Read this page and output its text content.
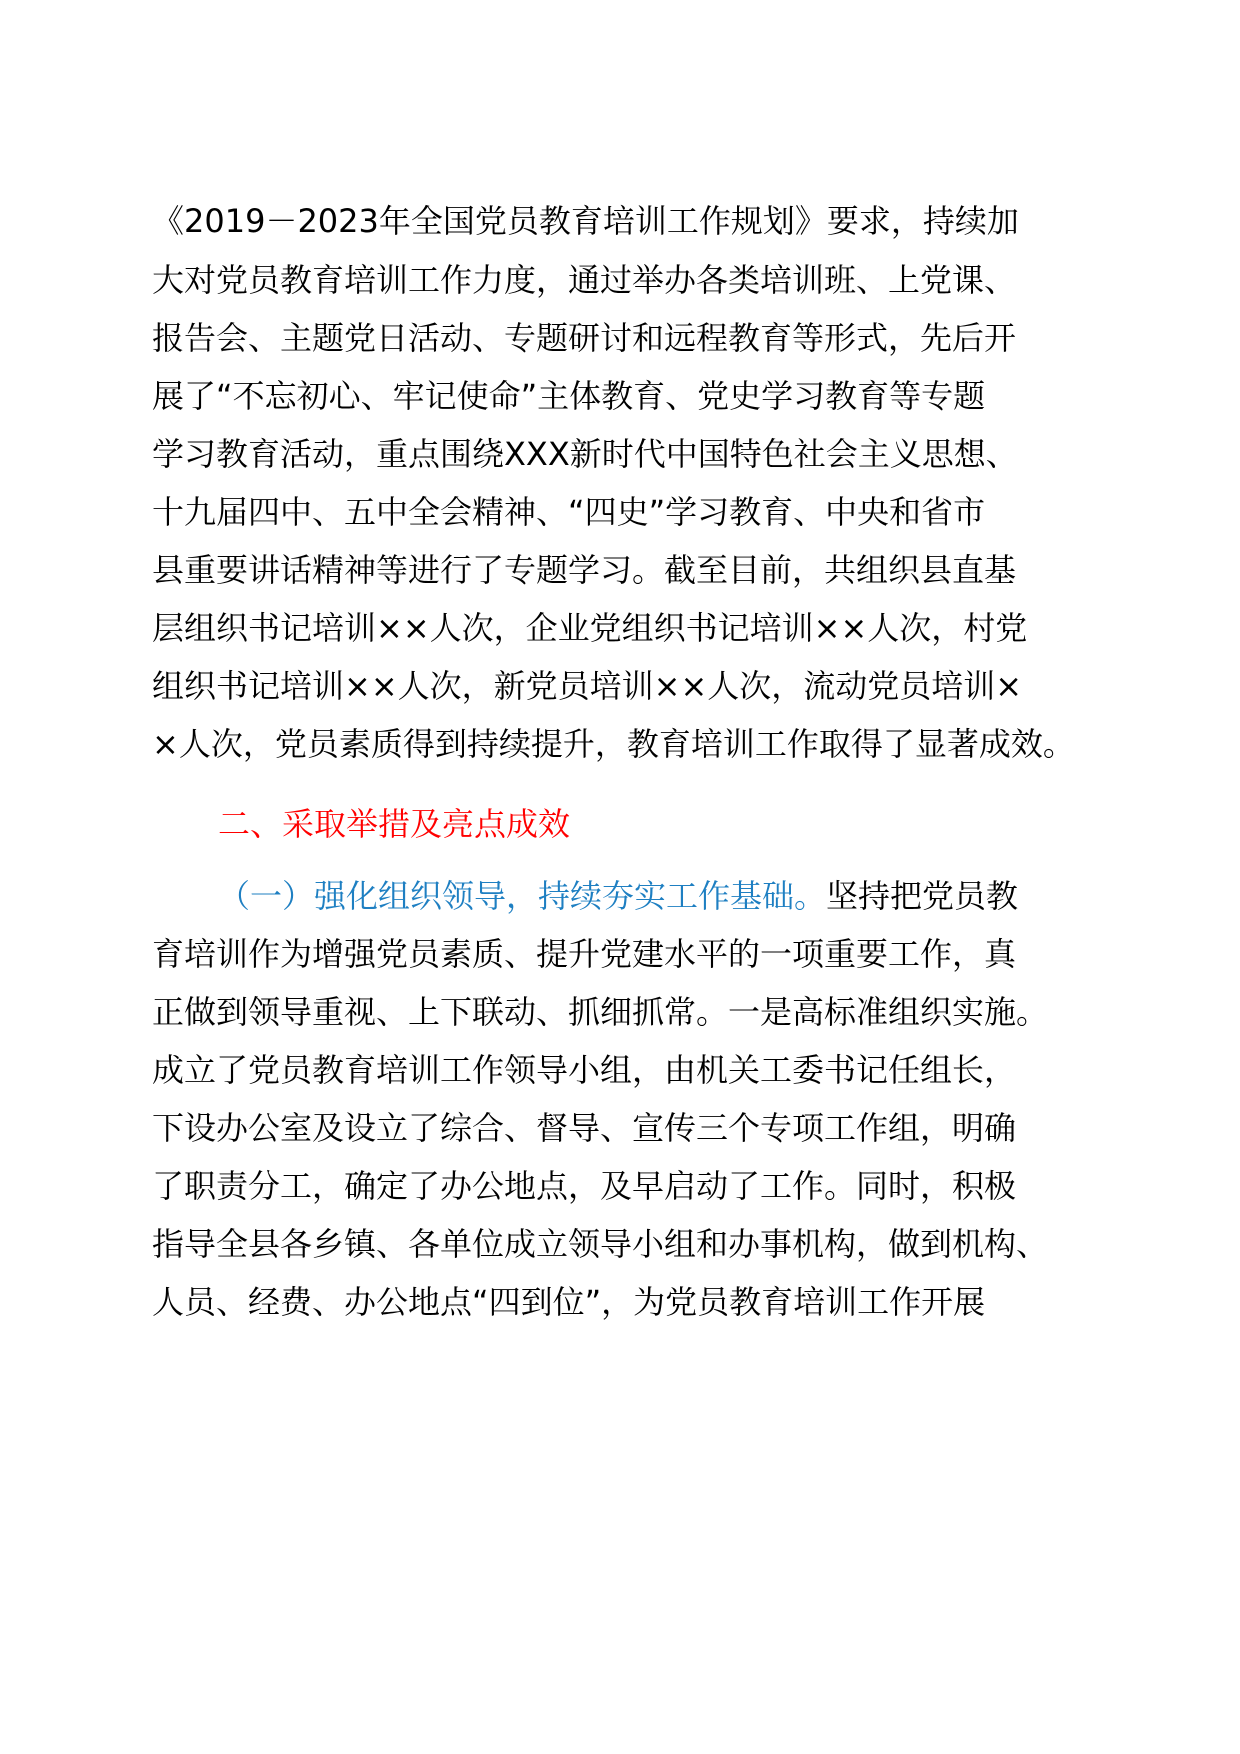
《2019－2023年全国党员教育培训工作规划》要求，持续加
大对党员教育培训工作力度，通过举办各类培训班、上党课、
报告会、主题党日活动、专题研讨和远程教育等形式，先后开
展了“不忘初心、牢记使命”主体教育、党史学习教育等专题
学习教育活动，重点围绕XXX新时代中国特色社会主义思想、
十九届四中、五中全会精神、“四史”学习教育、中央和省市
县重要讲话精神等进行了专题学习。截至目前，共组织县直基
层组织书记培训××人次，企业党组织书记培训××人次，村党
组织书记培训××人次，新党员培训××人次，流动党员培训×
×人次，党员素质得到持续提升，教育培训工作取得了显著成效。
二、采取举措及亮点成效
（一）强化组织领导，持续夯实工作基础。坚持把党员教
育培训作为增强党员素质、提升党建水平的一项重要工作，真
正做到领导重视、上下联动、抓细抓常。一是高标准组织实施。
成立了党员教育培训工作领导小组，由机关工委书记任组长，
下设办公室及设立了综合、督导、宣传三个专项工作组，明确
了职责分工，确定了办公地点，及早启动了工作。同时，积极
指导全县各乡镇、各单位成立领导小组和办事机构，做到机构、
人员、经费、办公地点“四到位”，为党员教育培训工作开展
